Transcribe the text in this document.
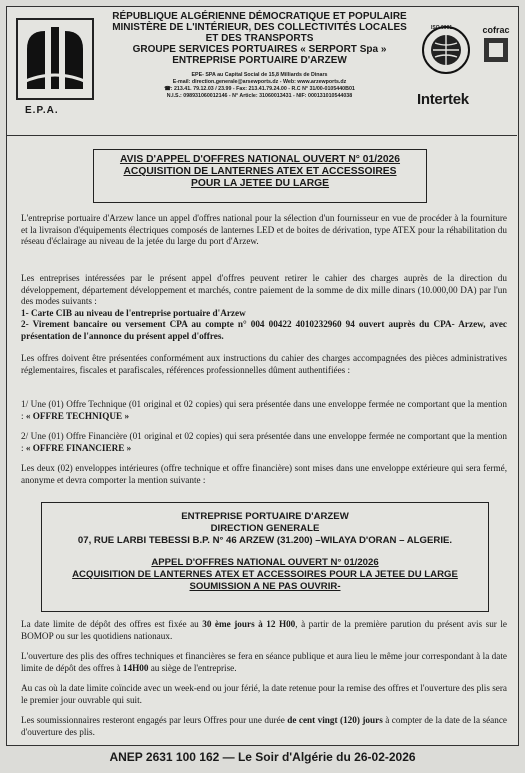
E.P.A.
RÉPUBLIQUE ALGÉRIENNE DÉMOCRATIQUE ET POPULAIRE
MINISTÈRE DE L'INTÉRIEUR, DES COLLECTIVITÉS LOCALES
ET DES TRANSPORTS
GROUPE SERVICES PORTUAIRES « SERPORT Spa »
ENTREPRISE PORTUAIRE D'ARZEW
EPE- SPA au Capital Social de 15,8 Milliards de Dinars
E-mail: direction.generale@arsewports.dz - Web: www.arzewports.dz
☎: 213.41. 79.12.03 / 23.99 - Fax: 213.41.79.24.00 - R.C N° 31/00-0105440B01
N.I.S.: 098931060012146 - N° Article: 31060013431 - NIF: 000131010544038
ISO 9001	cofrac
Intertek
AVIS D'APPEL D'OFFRES NATIONAL OUVERT N° 01/2026
ACQUISITION DE LANTERNES ATEX ET ACCESSOIRES
POUR LA JETEE DU LARGE
L'entreprise portuaire d'Arzew lance un appel d'offres national pour la sélection d'un fournisseur en vue de procéder à la fourniture et la livraison d'équipements électriques composés de lanternes LED et de boites de dérivation, type ATEX pour la réhabilitation du réseau d'éclairage au niveau de la jetée du large du port d'Arzew.
Les entreprises intéressées par le présent appel d'offres peuvent retirer le cahier des charges auprès de la direction du développement, département développement et marchés, contre paiement de la somme de dix mille dinars (10.000,00 DA) par l'un des modes suivants :
1- Carte CIB au niveau de l'entreprise portuaire d'Arzew
2- Virement bancaire ou versement CPA au compte n° 004 00422 4010232960 94 ouvert auprès du CPA- Arzew, avec présentation de l'annonce du présent appel d'offres.
Les offres doivent être présentées conformément aux instructions du cahier des charges accompagnées des pièces administratives réglementaires, fiscales et parafiscales, références professionnelles dûment authentifiées :
1/ Une (01) Offre Technique (01 original et 02 copies) qui sera présentée dans une enveloppe fermée ne comportant que la mention : « OFFRE TECHNIQUE »
2/ Une (01) Offre Financière (01 original et 02 copies) qui sera présentée dans une enveloppe fermée ne comportant que la mention : « OFFRE FINANCIERE »
Les deux (02) enveloppes intérieures (offre technique et offre financière) sont mises dans une enveloppe extérieure qui sera fermé, anonyme et devra comporter la mention suivante :
ENTREPRISE PORTUAIRE D'ARZEW
DIRECTION GENERALE
07, RUE LARBI TEBESSI B.P. N° 46 ARZEW (31.200) –WILAYA D'ORAN – ALGERIE.
APPEL D'OFFRES NATIONAL OUVERT N° 01/2026
ACQUISITION DE LANTERNES ATEX ET ACCESSOIRES POUR LA JETEE DU LARGE
SOUMISSION A NE PAS OUVRIR-
La date limite de dépôt des offres est fixée au 30 ème jours à 12 H00, à partir de la première parution du présent avis sur le BOMOP ou sur les quotidiens nationaux.
L'ouverture des plis des offres techniques et financières se fera en séance publique et aura lieu le même jour correspondant à la date limite de dépôt des offres à 14H00 au siège de l'entreprise.
Au cas où la date limite coïncide avec un week-end ou jour férié, la date retenue pour la remise des offres et l'ouverture des plis sera le premier jour ouvrable qui suit.
Les soumissionnaires resteront engagés par leurs Offres pour une durée de cent vingt (120) jours à compter de la date de la séance d'ouverture des plis.
ANEP 2631 100 162 — Le Soir d'Algérie du 26-02-2026
